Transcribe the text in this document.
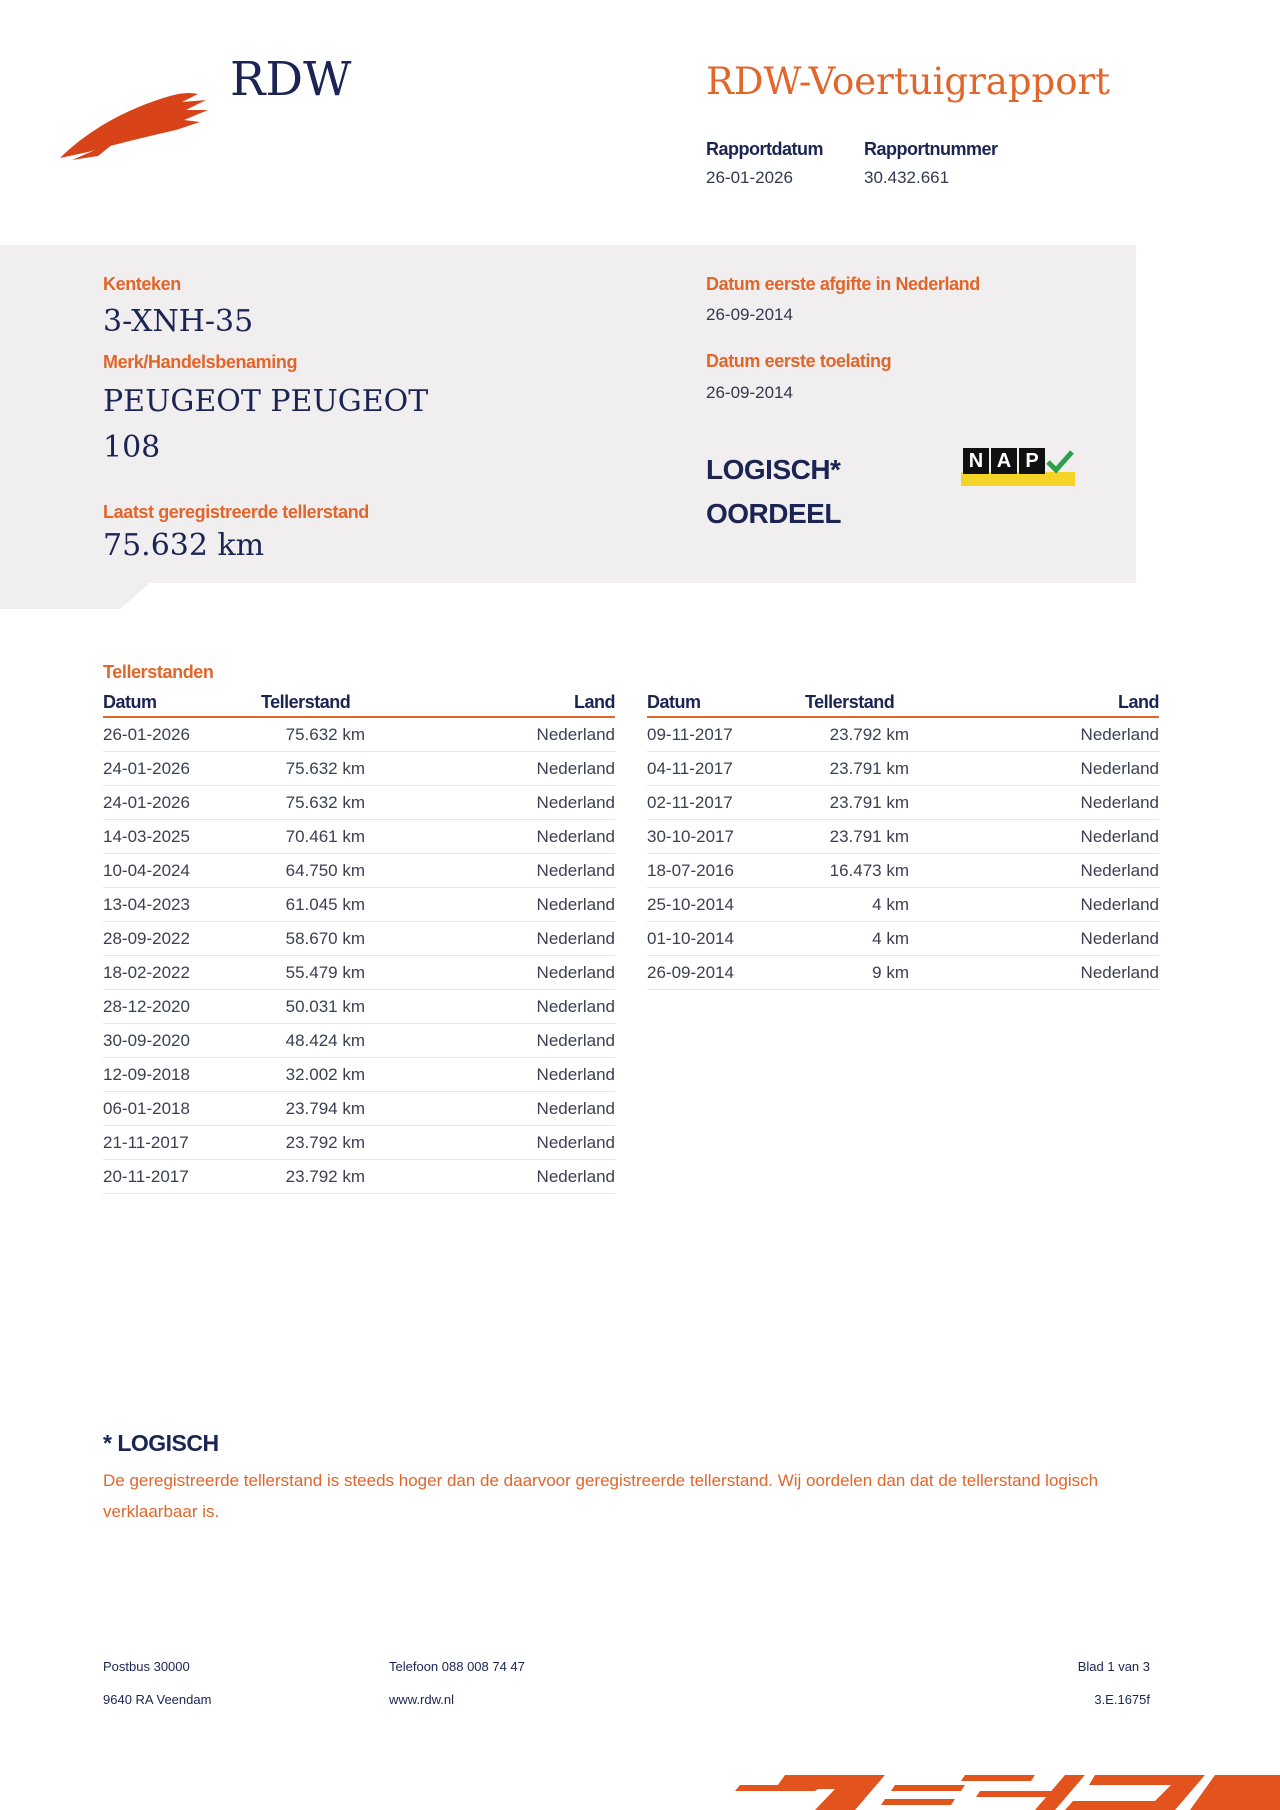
RDW	RDW-Voertuigrapport
Rapportdatum
26-01-2026
Rapportnummer
30.432.661
Kenteken
3-XNH-35
Merk/Handelsbenaming
PEUGEOT PEUGEOT
108
Laatst geregistreerde tellerstand
75.632 km
Datum eerste afgifte in Nederland
26-09-2014
Datum eerste toelating
26-09-2014
LOGISCH*
OORDEEL
N A P
Tellerstanden
Datum	Tellerstand	Land
26-01-2026	75.632 km	Nederland
24-01-2026	75.632 km	Nederland
24-01-2026	75.632 km	Nederland
14-03-2025	70.461 km	Nederland
10-04-2024	64.750 km	Nederland
13-04-2023	61.045 km	Nederland
28-09-2022	58.670 km	Nederland
18-02-2022	55.479 km	Nederland
28-12-2020	50.031 km	Nederland
30-09-2020	48.424 km	Nederland
12-09-2018	32.002 km	Nederland
06-01-2018	23.794 km	Nederland
21-11-2017	23.792 km	Nederland
20-11-2017	23.792 km	Nederland
Datum	Tellerstand	Land
09-11-2017	23.792 km	Nederland
04-11-2017	23.791 km	Nederland
02-11-2017	23.791 km	Nederland
30-10-2017	23.791 km	Nederland
18-07-2016	16.473 km	Nederland
25-10-2014	4 km	Nederland
01-10-2014	4 km	Nederland
26-09-2014	9 km	Nederland
* LOGISCH
De geregistreerde tellerstand is steeds hoger dan de daarvoor geregistreerde tellerstand. Wij oordelen dan dat de tellerstand logisch verklaarbaar is.
Postbus 30000
9640 RA Veendam
Telefoon 088 008 74 47
www.rdw.nl
Blad 1 van 3
3.E.1675f
